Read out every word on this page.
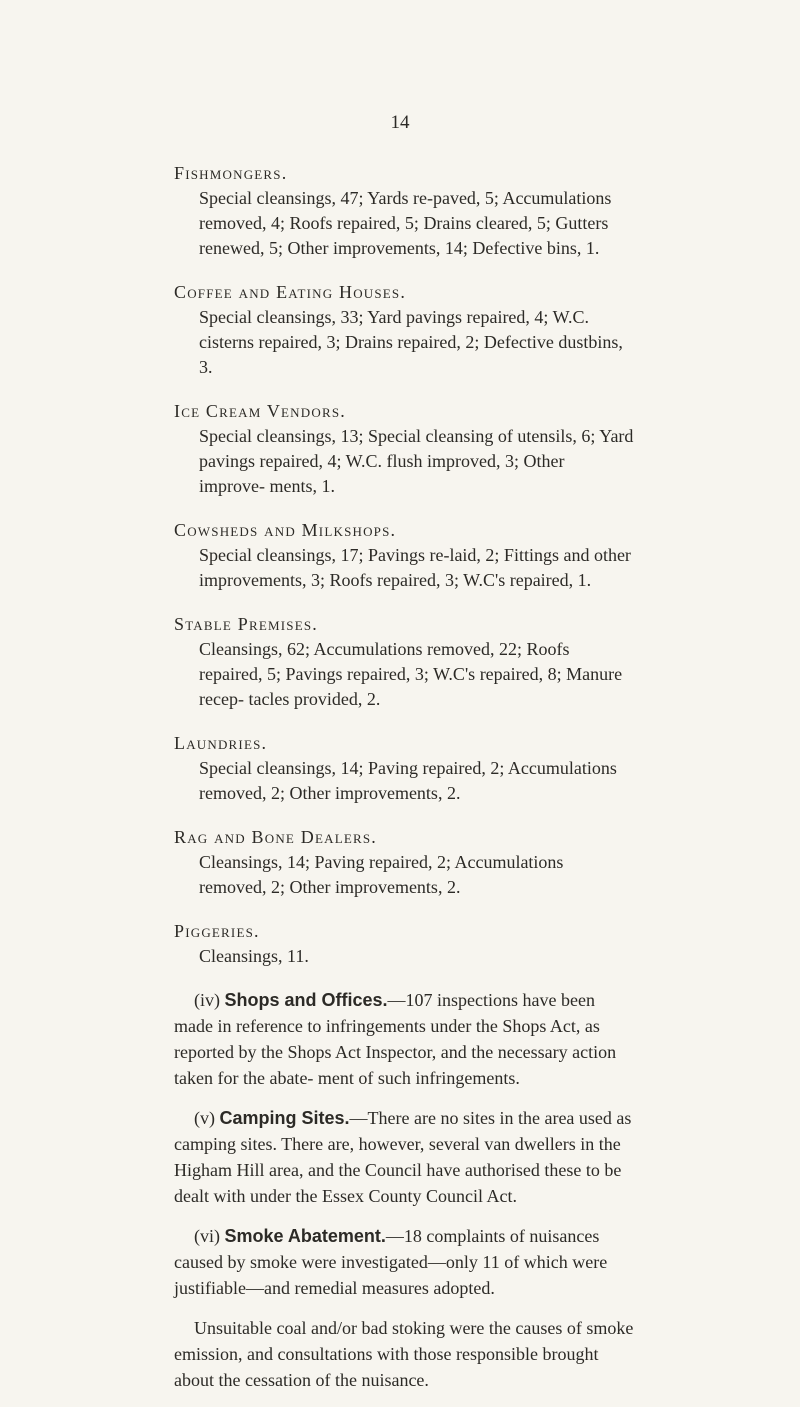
14

Fishmongers.

Special cleansings, 47; Yards re-paved, 5; Accumulations removed, 4; Roofs repaired, 5; Drains cleared, 5; Gutters renewed, 5; Other improvements, 14; Defective bins, 1.

Coffee and Eating Houses.

Special cleansings, 33; Yard pavings repaired, 4; W.C. cisterns repaired, 3; Drains repaired, 2; Defective dustbins, 3.

Ice Cream Vendors.

Special cleansings, 13; Special cleansing of utensils, 6; Yard pavings repaired, 4; W.C. flush improved, 3; Other improve- ments, 1.

Cowsheds and Milkshops.

Special cleansings, 17; Pavings re-laid, 2; Fittings and other improvements, 3; Roofs repaired, 3; W.C's repaired, 1.

Stable Premises.

Cleansings, 62; Accumulations removed, 22; Roofs repaired, 5; Pavings repaired, 3; W.C's repaired, 8; Manure recep- tacles provided, 2.

Laundries.

Special cleansings, 14; Paving repaired, 2; Accumulations removed, 2; Other improvements, 2.

Rag and Bone Dealers.

Cleansings, 14; Paving repaired, 2; Accumulations removed, 2; Other improvements, 2.

Piggeries.

Cleansings, 11.

(iv) Shops and Offices.—107 inspections have been made in reference to infringements under the Shops Act, as reported by the Shops Act Inspector, and the necessary action taken for the abate- ment of such infringements.

(v) Camping Sites.—There are no sites in the area used as camping sites. There are, however, several van dwellers in the Higham Hill area, and the Council have authorised these to be dealt with under the Essex County Council Act.

(vi) Smoke Abatement.—18 complaints of nuisances caused by smoke were investigated—only 11 of which were justifiable—and remedial measures adopted.

Unsuitable coal and/or bad stoking were the causes of smoke emission, and consultations with those responsible brought about the cessation of the nuisance.
